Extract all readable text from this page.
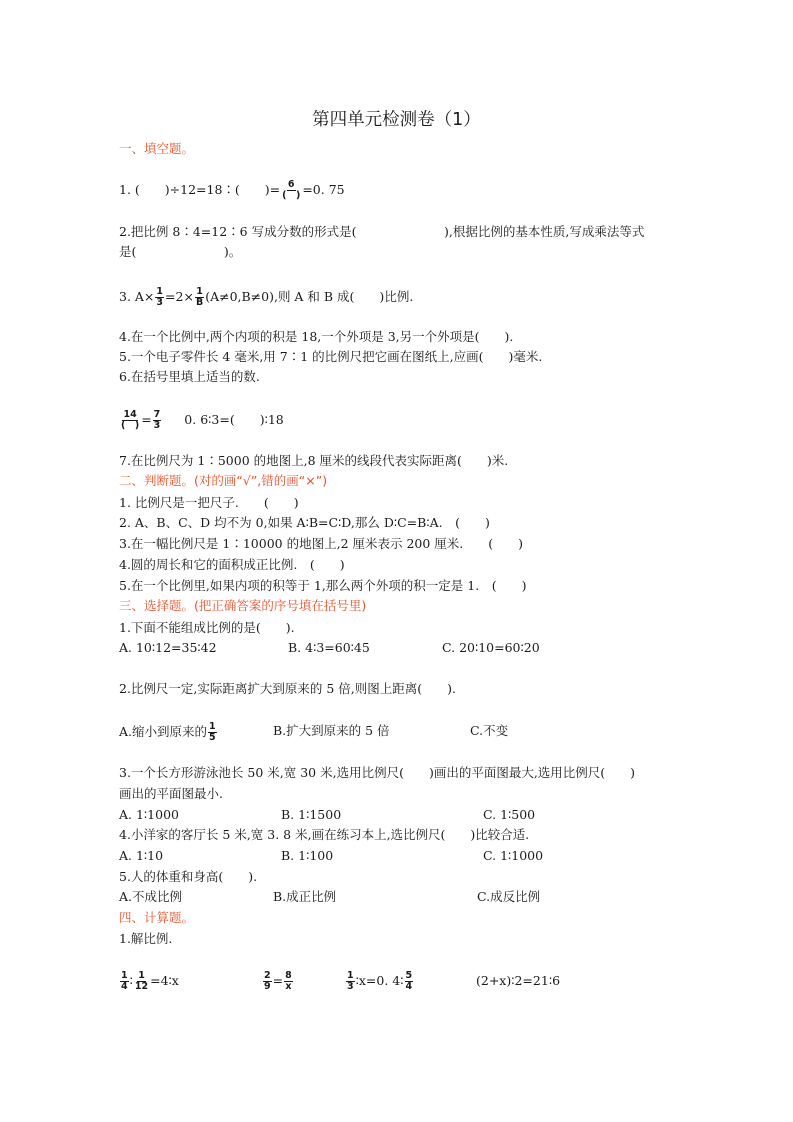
第四单元检测卷（1）
一、填空题。
1. (　　)÷12=18∶(　　)= $\frac{6}{( )} =0$. 75
2.把比例 8∶4=12∶6 写成分数的形式是(　　　　　　　),根据比例的基本性质,写成乘法等式
是(　　　　　　　)。
3. $A\times \frac{1}{3} =2\times \frac{1}{B} (A\ne 0,B\ne 0)$,则 A 和 B 成(　　)比例.
4.在一个比例中,两个内项的积是 18,一个外项是 3,另一个外项是(　　).
5.一个电子零件长 4 毫米,用 7∶1 的比例尺把它画在图纸上,应画(　　)毫米.
6.在括号里填上适当的数.
$\frac{14}{( )} = \frac{7}{3} 0$. 6∶3=(　　)∶18
7.在比例尺为 1∶5000 的地图上,8 厘米的线段代表实际距离(　　)米.
二、判断题。(对的画“√”,错的画“×”)
1. 比例尺是一把尺子.　　(　　)
2. A、B、C、D 均不为 0,如果 A∶B=C∶D,那么 D∶C=B∶A.　(　　)
3.在一幅比例尺是 1∶10000 的地图上,2 厘米表示 200 厘米.　　(　　)
4.圆的周长和它的面积成正比例.　(　　)
5.在一个比例里,如果内项的积等于 1,那么两个外项的积一定是 1.　(　　)
三、选择题。(把正确答案的序号填在括号里)
1.下面不能组成比例的是(　　).
A. 10∶12=35∶42	B. 4∶3=60∶45	C. 20∶10=60∶20
2.比例尺一定,实际距离扩大到原来的 5 倍,则图上距离(　　).
A.缩小到原来的 $\frac{1}{5}$	B.扩大到原来的 5 倍	C.不变
3.一个长方形游泳池长 50 米,宽 30 米,选用比例尺(　　)画出的平面图最大,选用比例尺(　　)
画出的平面图最小.
A. 1∶1000	B. 1∶1500	C. 1∶500
4.小洋家的客厅长 5 米,宽 3. 8 米,画在练习本上,选比例尺(　　)比较合适.
A. 1∶10	B. 1∶100	C. 1∶1000
5.人的体重和身高(　　).
A.不成比例	B.成正比例	C.成反比例
四、计算题。
1.解比例.
$\frac{1}{4}$ ∶ $\frac{1}{12}$ =4∶x	$\frac{2}{9} = \frac{8}{x}$	$\frac{1}{3}$ ∶x=0. 4∶ $\frac{5}{4}$	(2+x)∶2=21∶6
